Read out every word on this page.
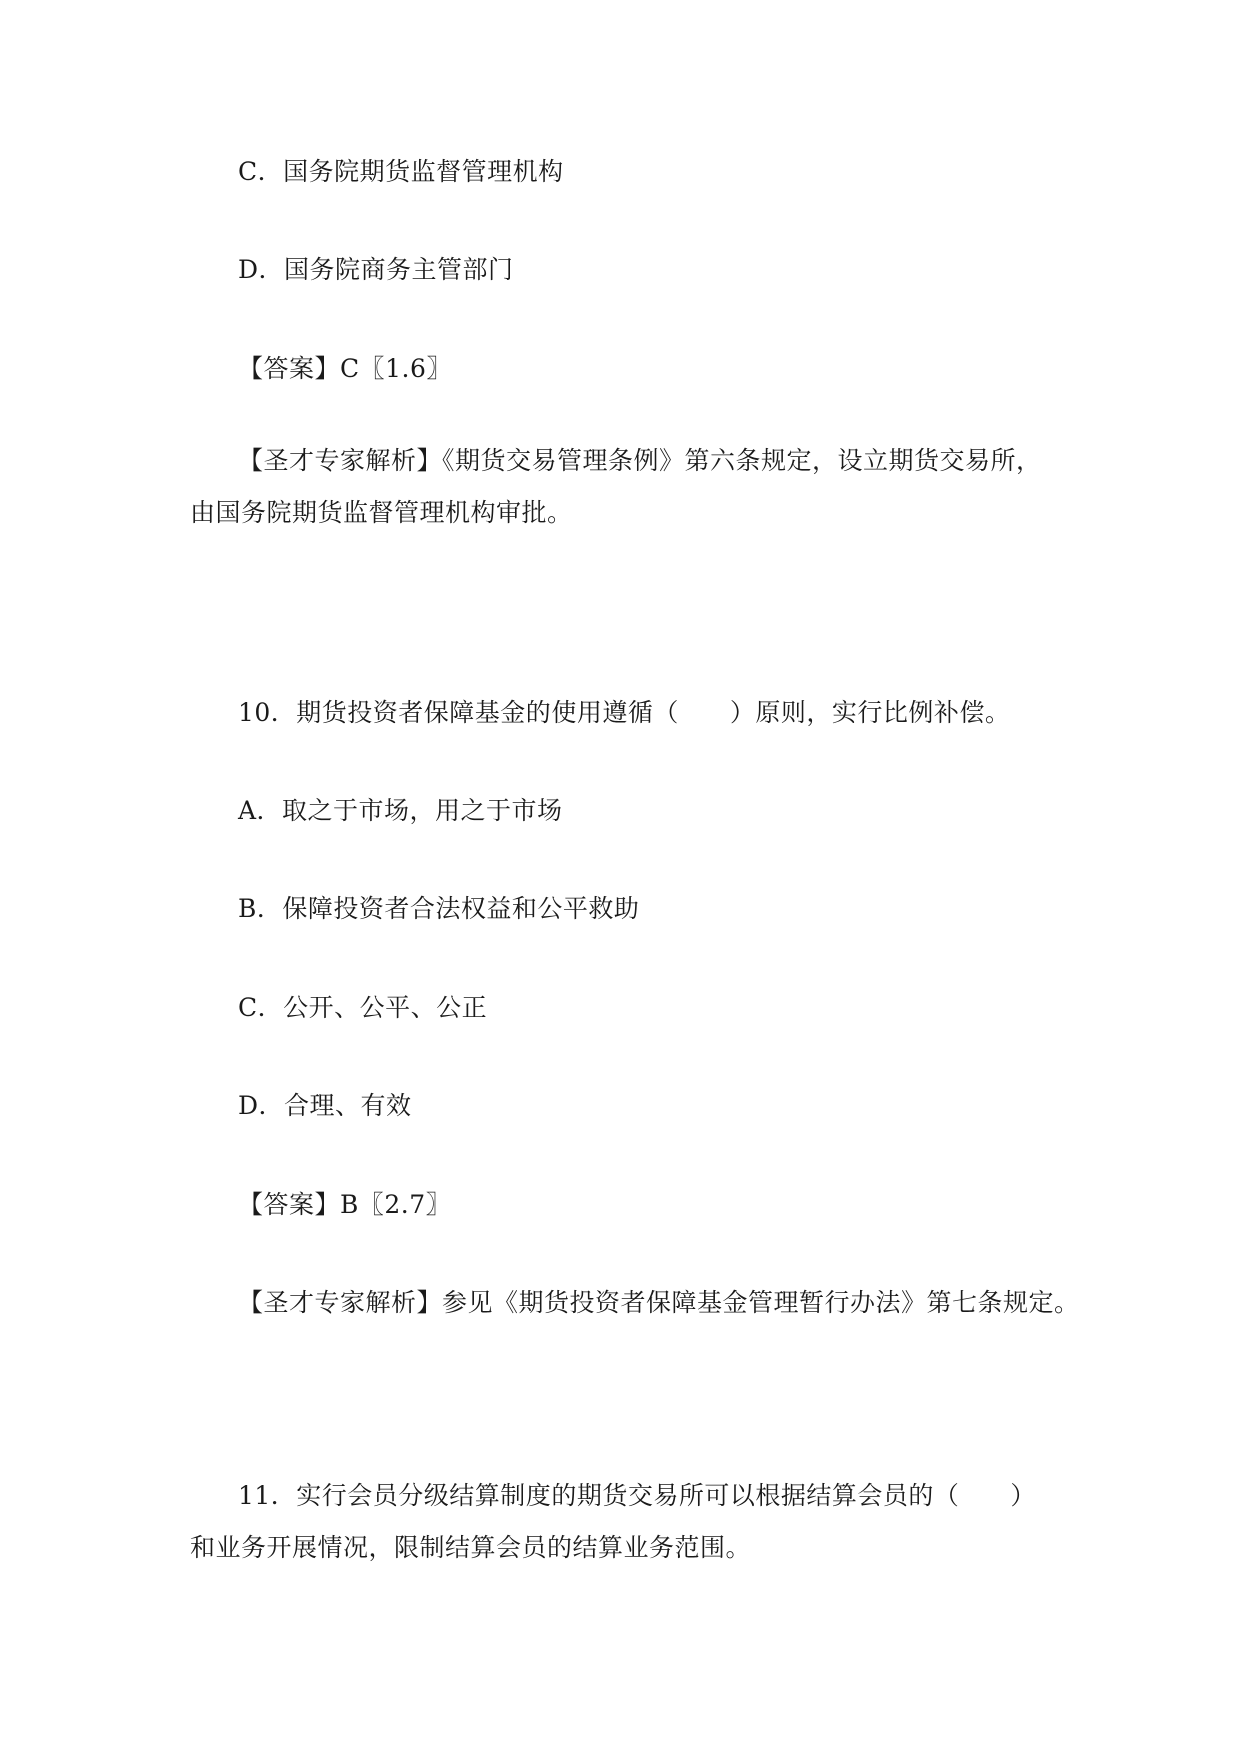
C．国务院期货监督管理机构
D．国务院商务主管部门
【答案】C〖1.6〗
【圣才专家解析】《期货交易管理条例》第六条规定，设立期货交易所，由国务院期货监督管理机构审批。
10．期货投资者保障基金的使用遵循（　　）原则，实行比例补偿。
A．取之于市场，用之于市场
B．保障投资者合法权益和公平救助
C．公开、公平、公正
D．合理、有效
【答案】B〖2.7〗
【圣才专家解析】参见《期货投资者保障基金管理暂行办法》第七条规定。
11．实行会员分级结算制度的期货交易所可以根据结算会员的（　　）和业务开展情况，限制结算会员的结算业务范围。
